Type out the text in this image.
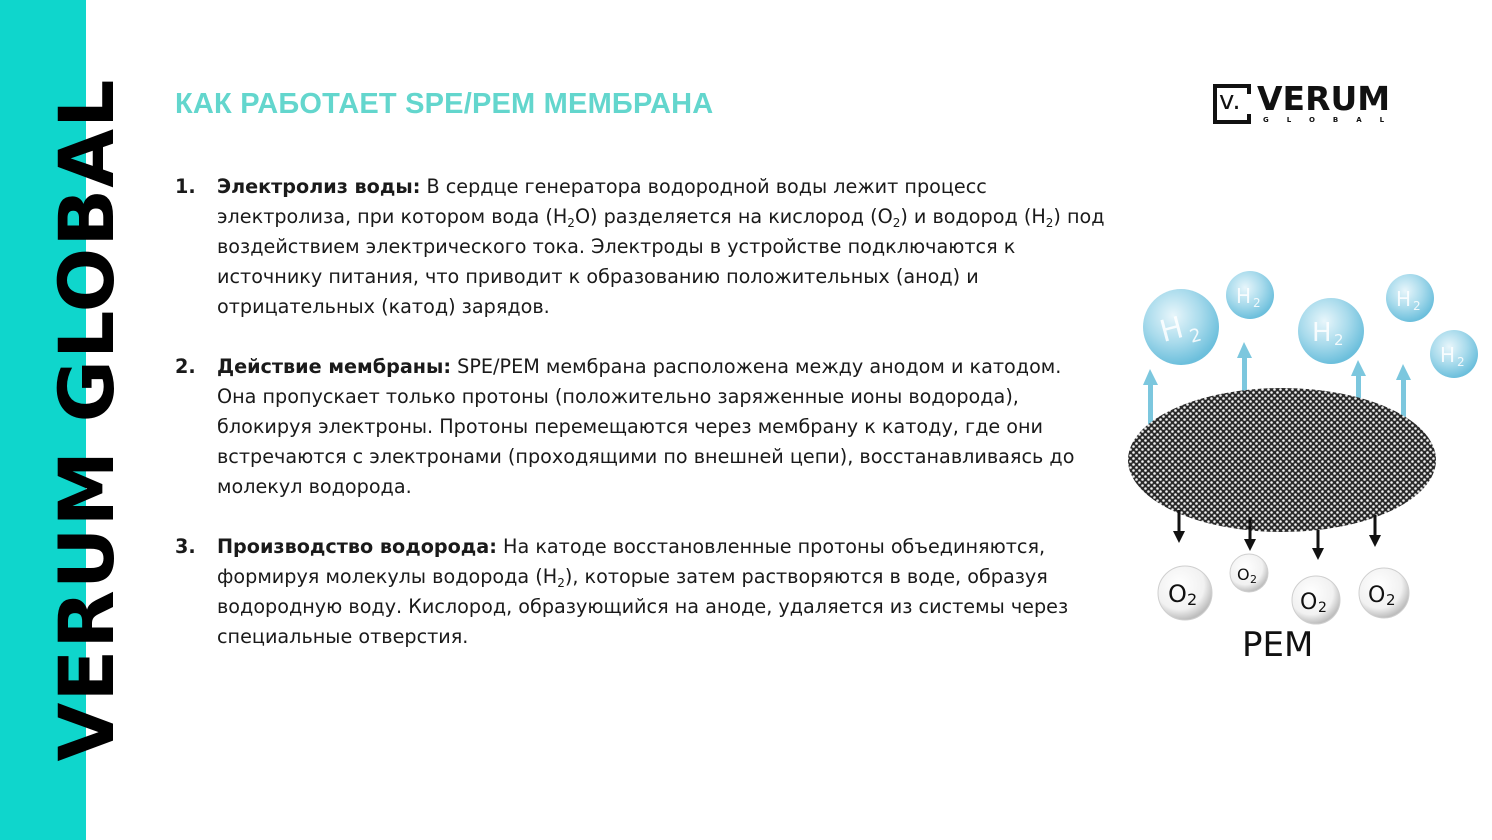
VERUM GLOBAL КАК РАБОТАЕТ SPE/PEM МЕМБРАНА	v. VERUM
GLOBAL
1. Электролиз воды: В сердце генератора водородной воды лежит процесс электролиза, при котором вода $(H_2O)$ разделяется на кислород $(O_2)$ и водород $(H_2)$ под воздействием электрического тока. Электроды в устройстве подключаются к источнику питания, что приводит к образованию положительных (анод) и отрицательных (катод) зарядов.
2. Действие мембраны: SPE/PEM мембрана расположена между анодом и катодом. Она пропускает только протоны (положительно заряженные ионы водорода), блокируя электроны. Протоны перемещаются через мембрану к катоду, где они встречаются с электронами (проходящими по внешней цепи), восстанавливаясь до молекул водорода.
3. Производство водорода: На катоде восстановленные протоны объединяются, формируя молекулы водорода $(H_2)$, которые затем растворяются в воде, образуя водородную воду. Кислород, образующийся на аноде, удаляется из системы через специальные отверстия.
H 2
H 2
H 2
H 2
H 2
O 2
O 2
O 2 O 2
PEM
